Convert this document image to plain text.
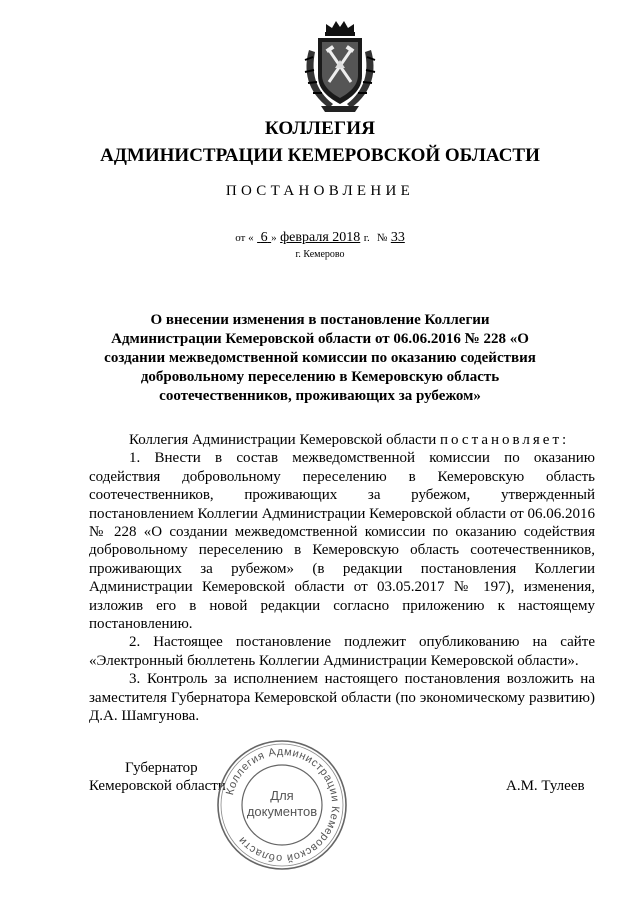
КОЛЛЕГИЯ
АДМИНИСТРАЦИИ КЕМЕРОВСКОЙ ОБЛАСТИ
ПОСТАНОВЛЕНИЕ
от « 6 » февраля 2018 г. № 33
г. Кемерово
О внесении изменения в постановление Коллегии Администрации Кемеровской области от 06.06.2016 № 228 «О создании межведомственной комиссии по оказанию содействия добровольному переселению в Кемеровскую область соотечественников, проживающих за рубежом»

Коллегия Администрации Кемеровской области постановляет:

1. Внести в состав межведомственной комиссии по оказанию содействия добровольному переселению в Кемеровскую область соотечественников, проживающих за рубежом, утвержденный постановлением Коллегии Администрации Кемеровской области от 06.06.2016 № 228 «О создании межведомственной комиссии по оказанию содействия добровольному переселению в Кемеровскую область соотечественников, проживающих за рубежом» (в редакции постановления Коллегии Администрации Кемеровской области от 03.05.2017 № 197), изменения, изложив его в новой редакции согласно приложению к настоящему постановлению.

2. Настоящее постановление подлежит опубликованию на сайте «Электронный бюллетень Коллегии Администрации Кемеровской области».

3. Контроль за исполнением настоящего постановления возложить на заместителя Губернатора Кемеровской области (по экономическому развитию) Д.А. Шамгунова.

Губернатор
Кемеровской области	А.М. Тулеев
Коллегия Администрации Кемеровской области
Для
документов
